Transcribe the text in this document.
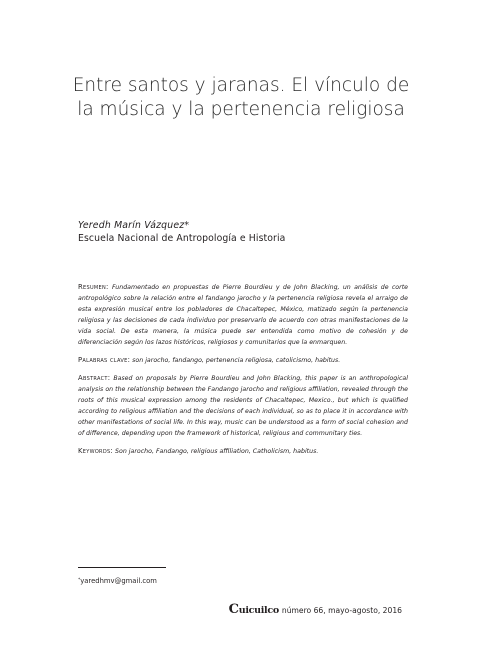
Entre santos y jaranas. El vínculo de
la música y la pertenencia religiosa
Yeredh Marín Vázquez*
Escuela Nacional de Antropología e Historia

Resumen: Fundamentado en propuestas de Pierre Bourdieu y de John Blacking, un análisis de corte antropológico sobre la relación entre el fandango jarocho y la pertenencia religiosa revela el arraigo de esta expresión musical entre los pobladores de Chacaltepec, México, matizado según la pertenencia religiosa y las decisiones de cada individuo por preservarlo de acuerdo con otras manifestaciones de la vida social. De esta manera, la música puede ser entendida como motivo de cohesión y de diferenciación según los lazos históricos, religiosos y comunitarios que la enmarquen.

Palabras clave: son jarocho, fandango, pertenencia religiosa, catolicismo, habitus.

Abstract: Based on proposals by Pierre Bourdieu and John Blacking, this paper is an anthropological analysis on the relationship between the Fandango jarocho and religious affiliation, revealed through the roots of this musical expression among the residents of Chacaltepec, Mexico., but which is qualified according to religious affiliation and the decisions of each individual, so as to place it in accordance with other manifestations of social life. In this way, music can be understood as a form of social cohesion and of difference, depending upon the framework of historical, religious and communitary ties.

Keywords: Son jarocho, Fandango, religious affiliation, Catholicism, habitus.

*yaredhmv@gmail.com
Cuicuilco número 66, mayo-agosto, 2016
